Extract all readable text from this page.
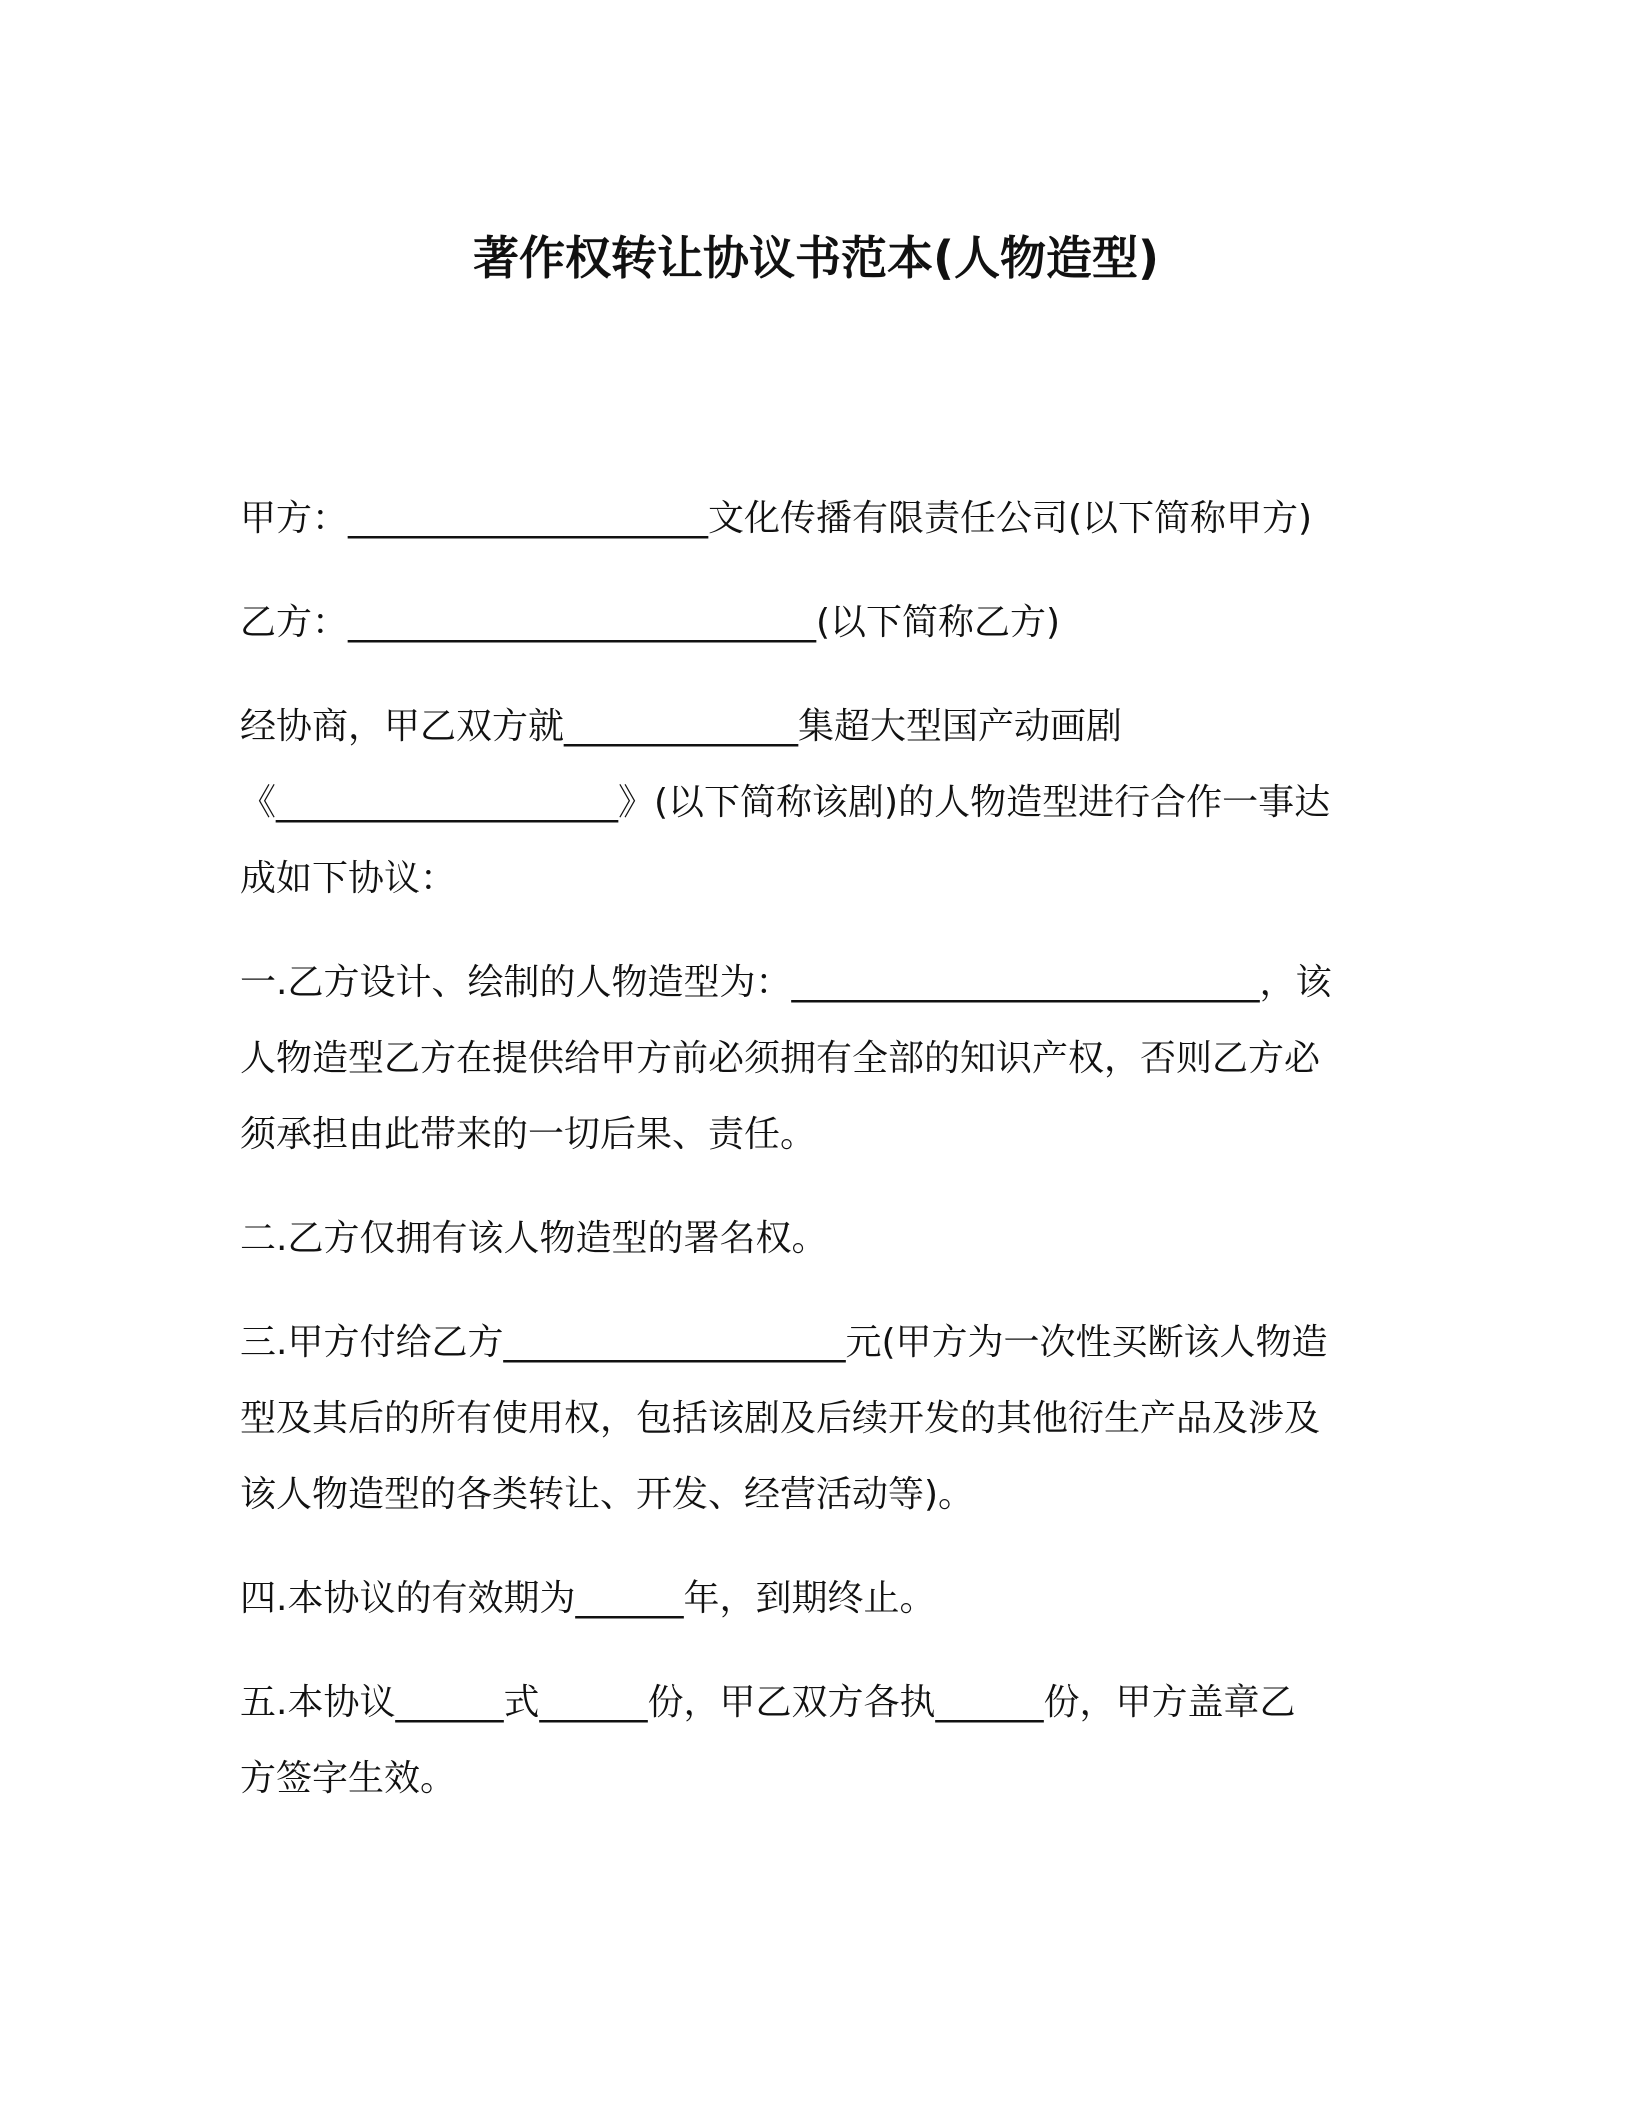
著作权转让协议书范本(人物造型)
甲方：____________________文化传播有限责任公司(以下简称甲方)
乙方：__________________________(以下简称乙方)
经协商，甲乙双方就_____________集超大型国产动画剧
《___________________》(以下简称该剧)的人物造型进行合作一事达
成如下协议：
一.乙方设计、绘制的人物造型为：__________________________，该
人物造型乙方在提供给甲方前必须拥有全部的知识产权，否则乙方必
须承担由此带来的一切后果、责任。
二.乙方仅拥有该人物造型的署名权。
三.甲方付给乙方___________________元(甲方为一次性买断该人物造
型及其后的所有使用权，包括该剧及后续开发的其他衍生产品及涉及
该人物造型的各类转让、开发、经营活动等)。
四.本协议的有效期为______年，到期终止。
五.本协议______式______份，甲乙双方各执______份，甲方盖章乙
方签字生效。
